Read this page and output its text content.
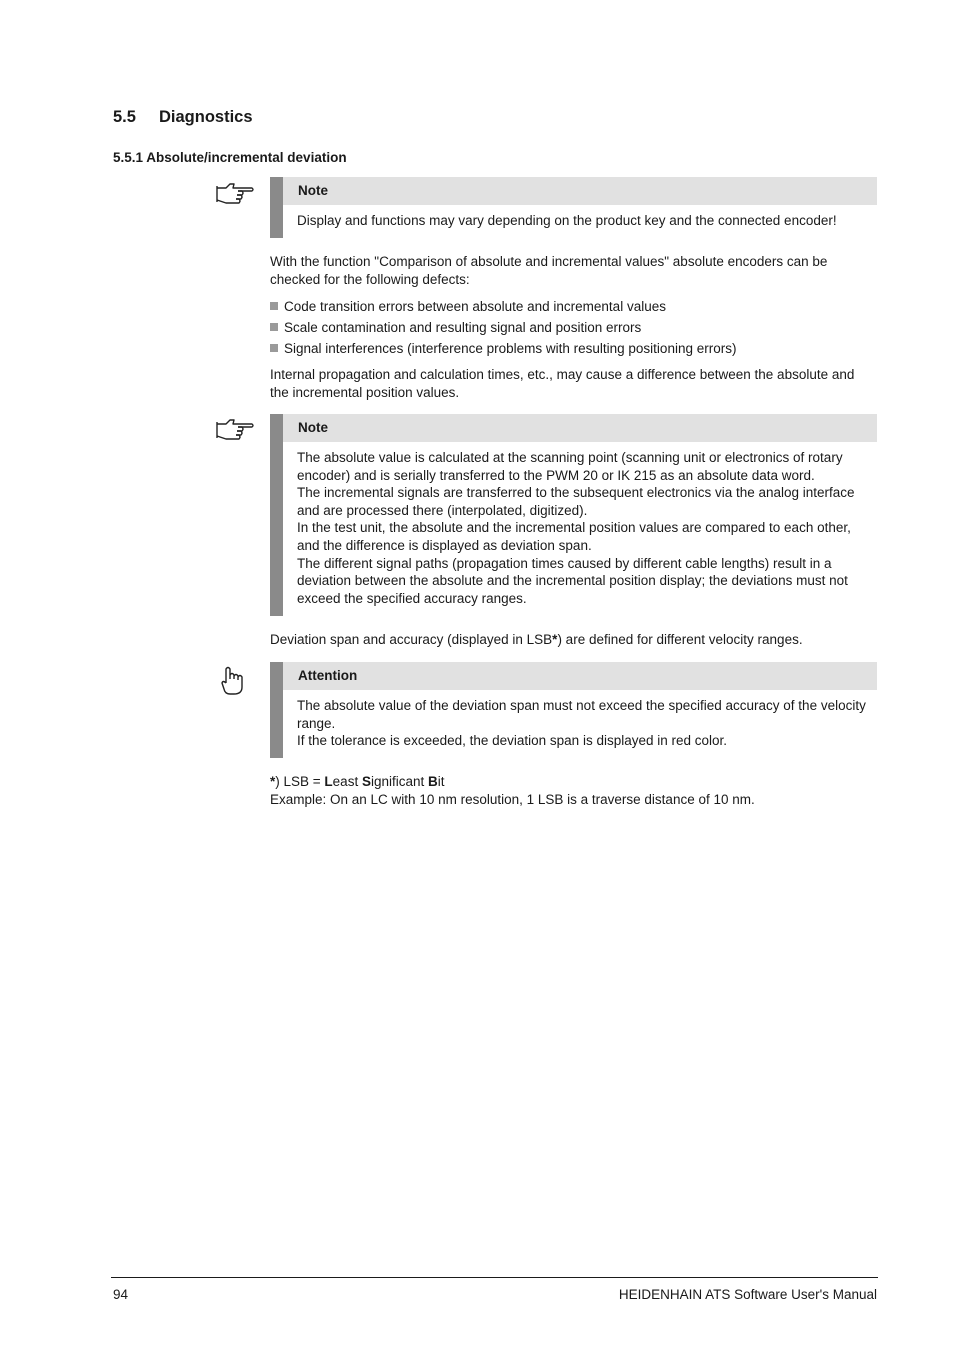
5.5 Diagnostics
5.5.1 Absolute/incremental deviation
Note

Display and functions may vary depending on the product key and the connected encoder!

With the function "Comparison of absolute and incremental values" absolute encoders can be checked for the following defects:

Code transition errors between absolute and incremental values
Scale contamination and resulting signal and position errors
Signal interferences (interference problems with resulting positioning errors)

Internal propagation and calculation times, etc., may cause a difference between the absolute and the incremental position values.

Note

The absolute value is calculated at the scanning point (scanning unit or electronics of rotary encoder) and is serially transferred to the PWM 20 or IK 215 as an absolute data word.

The incremental signals are transferred to the subsequent electronics via the analog interface and are processed there (interpolated, digitized).

In the test unit, the absolute and the incremental position values are compared to each other, and the difference is displayed as deviation span.

The different signal paths (propagation times caused by different cable lengths) result in a deviation between the absolute and the incremental position display; the deviations must not exceed the specified accuracy ranges.

Deviation span and accuracy (displayed in LSB*) are defined for different velocity ranges.

Attention

The absolute value of the deviation span must not exceed the specified accuracy of the velocity range.

If the tolerance is exceeded, the deviation span is displayed in red color.

*) LSB = Least Significant Bit

Example: On an LC with 10 nm resolution, 1 LSB is a traverse distance of 10 nm.

94	HEIDENHAIN ATS Software User's Manual
